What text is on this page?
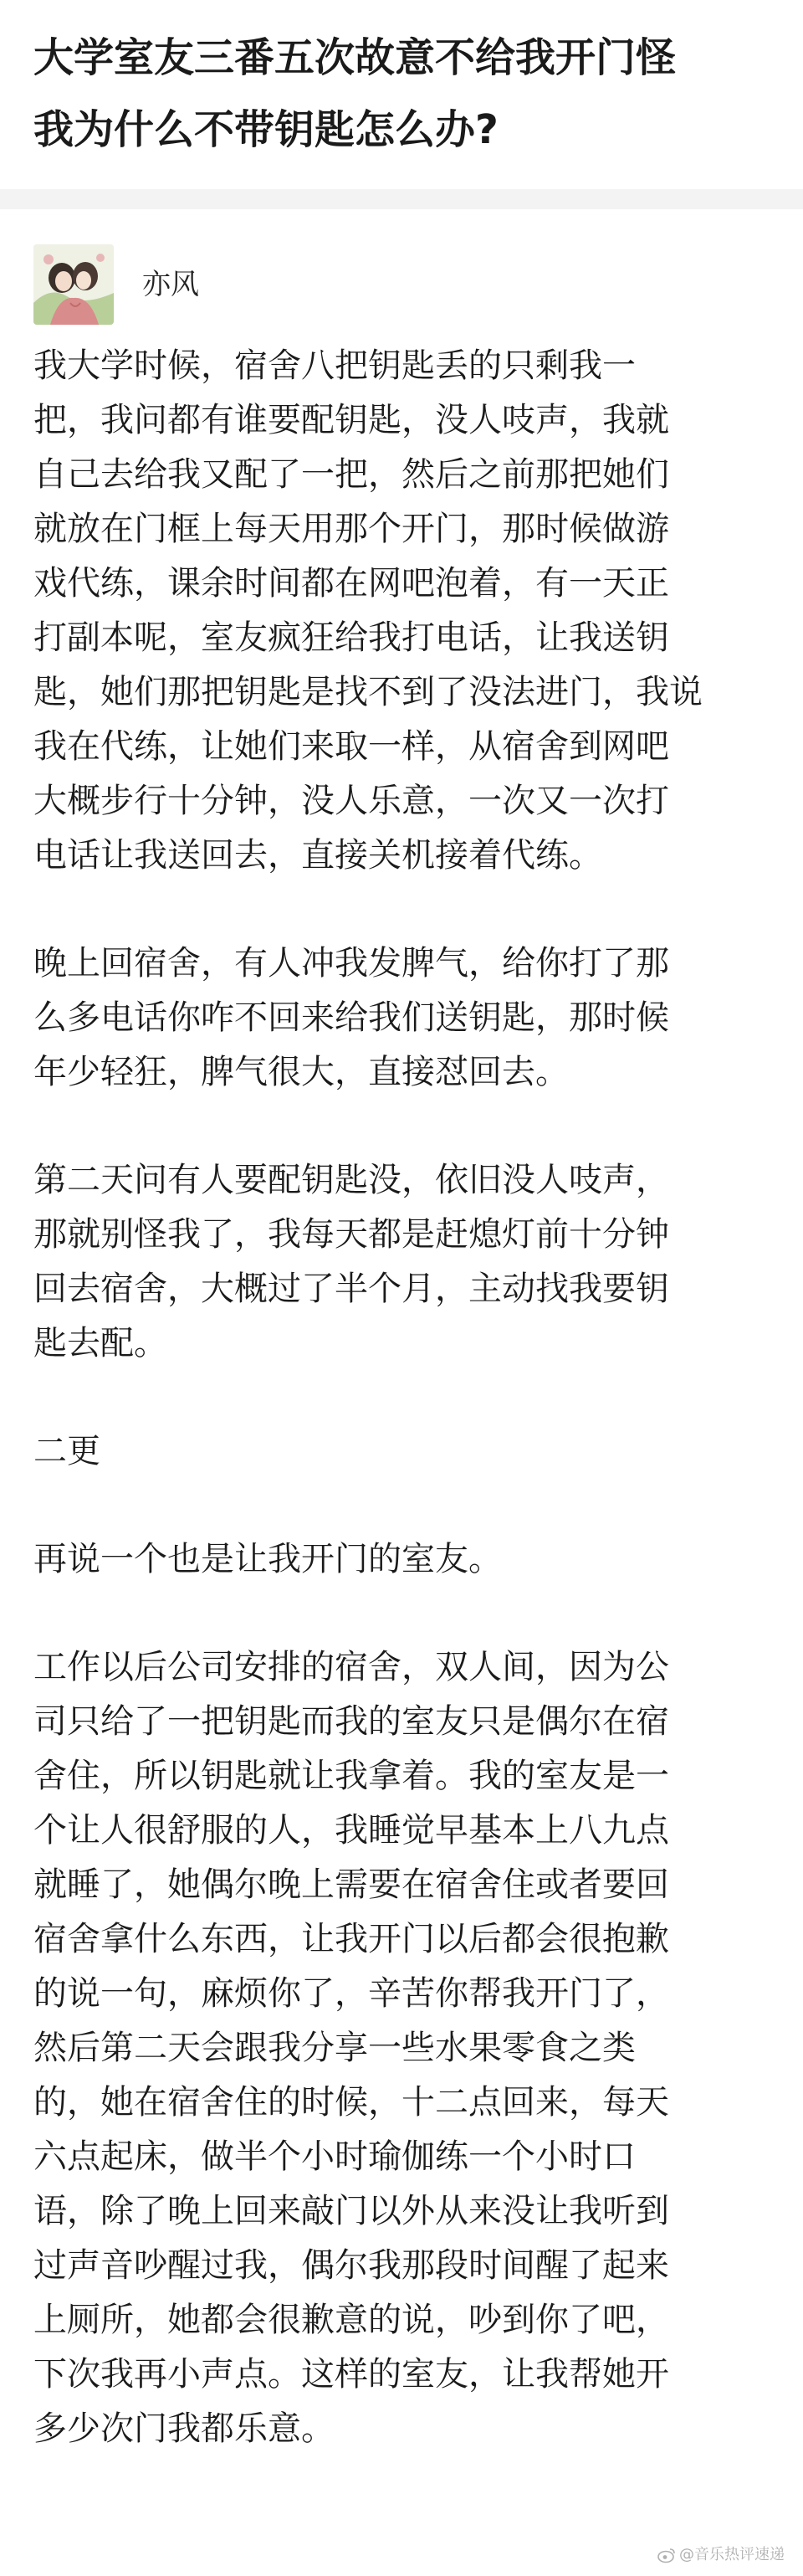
大学室友三番五次故意不给我开门怪
我为什么不带钥匙怎么办?
亦风

我大学时候，宿舍八把钥匙丢的只剩我一
把，我问都有谁要配钥匙，没人吱声，我就
自己去给我又配了一把，然后之前那把她们
就放在门框上每天用那个开门，那时候做游
戏代练，课余时间都在网吧泡着，有一天正
打副本呢，室友疯狂给我打电话，让我送钥
匙，她们那把钥匙是找不到了没法进门，我说
我在代练，让她们来取一样，从宿舍到网吧
大概步行十分钟，没人乐意，一次又一次打
电话让我送回去，直接关机接着代练。

晚上回宿舍，有人冲我发脾气，给你打了那
么多电话你咋不回来给我们送钥匙，那时候
年少轻狂，脾气很大，直接怼回去。

第二天问有人要配钥匙没，依旧没人吱声，
那就别怪我了，我每天都是赶熄灯前十分钟
回去宿舍，大概过了半个月，主动找我要钥
匙去配。

二更

再说一个也是让我开门的室友。

工作以后公司安排的宿舍，双人间，因为公
司只给了一把钥匙而我的室友只是偶尔在宿
舍住，所以钥匙就让我拿着。我的室友是一
个让人很舒服的人，我睡觉早基本上八九点
就睡了，她偶尔晚上需要在宿舍住或者要回
宿舍拿什么东西，让我开门以后都会很抱歉
的说一句，麻烦你了，辛苦你帮我开门了，
然后第二天会跟我分享一些水果零食之类
的，她在宿舍住的时候，十二点回来，每天
六点起床，做半个小时瑜伽练一个小时口
语，除了晚上回来敲门以外从来没让我听到
过声音吵醒过我，偶尔我那段时间醒了起来
上厕所，她都会很歉意的说，吵到你了吧，
下次我再小声点。这样的室友，让我帮她开
多少次门我都乐意。

@音乐热评速递
